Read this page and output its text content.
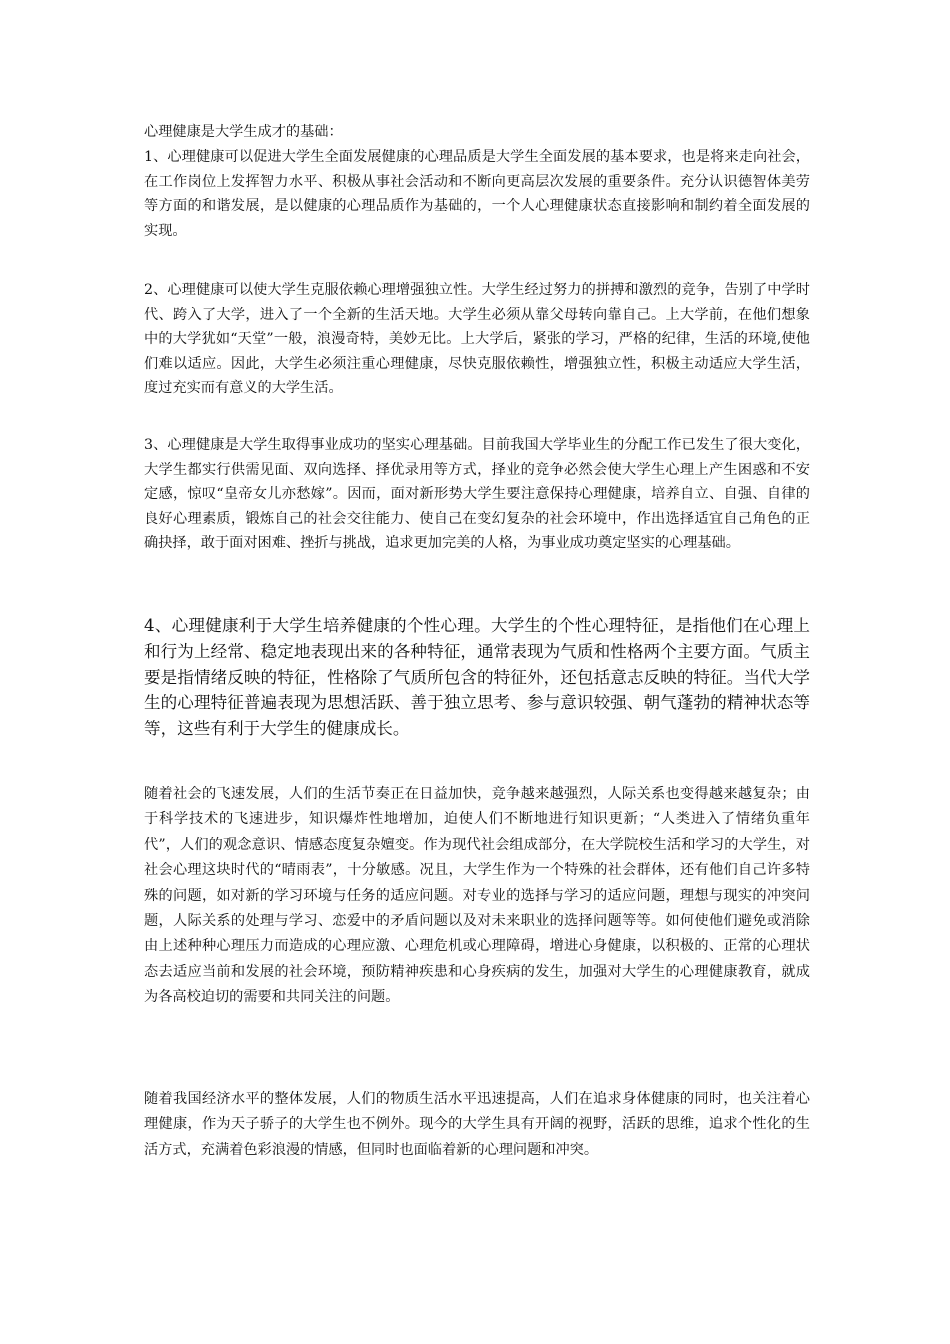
心理健康是大学生成才的基础：

1、心理健康可以促进大学生全面发展健康的心理品质是大学生全面发展的基本要求，也是将来走向社会，在工作岗位上发挥智力水平、积极从事社会活动和不断向更高层次发展的重要条件。充分认识德智体美劳等方面的和谐发展，是以健康的心理品质作为基础的，一个人心理健康状态直接影响和制约着全面发展的实现。

2、心理健康可以使大学生克服依赖心理增强独立性。大学生经过努力的拼搏和激烈的竞争，告别了中学时代、跨入了大学，进入了一个全新的生活天地。大学生必须从靠父母转向靠自己。上大学前，在他们想象中的大学犹如“天堂”一般，浪漫奇特，美妙无比。上大学后，紧张的学习，严格的纪律，生活的环境,使他们难以适应。因此，大学生必须注重心理健康，尽快克服依赖性，增强独立性，积极主动适应大学生活，度过充实而有意义的大学生活。

3、心理健康是大学生取得事业成功的坚实心理基础。目前我国大学毕业生的分配工作已发生了很大变化，大学生都实行供需见面、双向选择、择优录用等方式，择业的竞争必然会使大学生心理上产生困惑和不安定感，惊叹“皇帝女儿亦愁嫁”。因而，面对新形势大学生要注意保持心理健康，培养自立、自强、自律的良好心理素质，锻炼自己的社会交往能力、使自己在变幻复杂的社会环境中，作出选择适宜自己角色的正确抉择，敢于面对困难、挫折与挑战，追求更加完美的人格，为事业成功奠定坚实的心理基础。

4、心理健康利于大学生培养健康的个性心理。大学生的个性心理特征，是指他们在心理上和行为上经常、稳定地表现出来的各种特征，通常表现为气质和性格两个主要方面。气质主要是指情绪反映的特征，性格除了气质所包含的特征外，还包括意志反映的特征。当代大学生的心理特征普遍表现为思想活跃、善于独立思考、参与意识较强、朝气蓬勃的精神状态等等，这些有利于大学生的健康成长。

随着社会的飞速发展，人们的生活节奏正在日益加快，竞争越来越强烈，人际关系也变得越来越复杂；由于科学技术的飞速进步，知识爆炸性地增加，迫使人们不断地进行知识更新；“人类进入了情绪负重年代”，人们的观念意识、情感态度复杂嬗变。作为现代社会组成部分，在大学院校生活和学习的大学生，对社会心理这块时代的“晴雨表”，十分敏感。况且，大学生作为一个特殊的社会群体，还有他们自己许多特殊的问题，如对新的学习环境与任务的适应问题。对专业的选择与学习的适应问题，理想与现实的冲突问题，人际关系的处理与学习、恋爱中的矛盾问题以及对未来职业的选择问题等等。如何使他们避免或消除由上述种种心理压力而造成的心理应激、心理危机或心理障碍，增进心身健康，以积极的、正常的心理状态去适应当前和发展的社会环境，预防精神疾患和心身疾病的发生，加强对大学生的心理健康教育，就成为各高校迫切的需要和共同关注的问题。

随着我国经济水平的整体发展，人们的物质生活水平迅速提高，人们在追求身体健康的同时，也关注着心理健康，作为天子骄子的大学生也不例外。现今的大学生具有开阔的视野，活跃的思维，追求个性化的生活方式，充满着色彩浪漫的情感，但同时也面临着新的心理问题和冲突。
